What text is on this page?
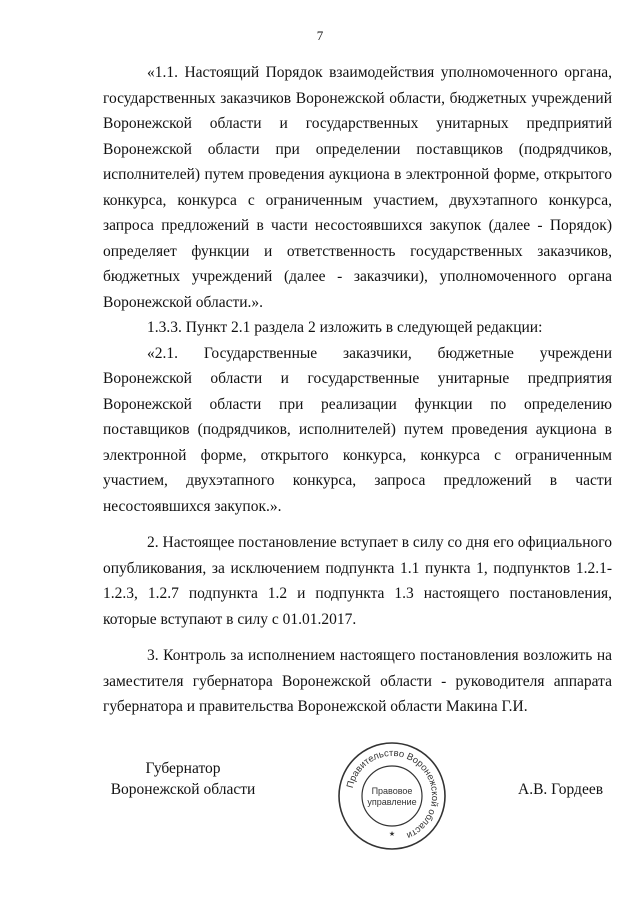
7

«1.1. Настоящий Порядок взаимодействия уполномоченного органа, государственных заказчиков Воронежской области, бюджетных учреждений Воронежской области и государственных унитарных предприятий Воронежской области при определении поставщиков (подрядчиков, исполнителей) путем проведения аукциона в электронной форме, открытого конкурса, конкурса с ограниченным участием, двухэтапного конкурса, запроса предложений в части несостоявшихся закупок (далее - Порядок) определяет функции и ответственность государственных заказчиков, бюджетных учреждений (далее - заказчики), уполномоченного органа Воронежской области.».

1.3.3. Пункт 2.1 раздела 2 изложить в следующей редакции:

«2.1. Государственные заказчики, бюджетные учреждени Воронежской области и государственные унитарные предприятия Воронежской области при реализации функции по определению поставщиков (подрядчиков, исполнителей) путем проведения аукциона в электронной форме, открытого конкурса, конкурса с ограниченным участием, двухэтапного конкурса, запроса предложений в части несостоявшихся закупок.».

2. Настоящее постановление вступает в силу со дня его официального опубликования, за исключением подпункта 1.1 пункта 1, подпунктов 1.2.1-1.2.3, 1.2.7 подпункта 1.2 и подпункта 1.3 настоящего постановления, которые вступают в силу с 01.01.2017.

3. Контроль за исполнением настоящего постановления возложить на заместителя губернатора Воронежской области - руководителя аппарата губернатора и правительства Воронежской области Макина Г.И.

Губернатор
Воронежской области	Правительство Воронежской области
Правовое
управление
★
А.В. Гордеев
